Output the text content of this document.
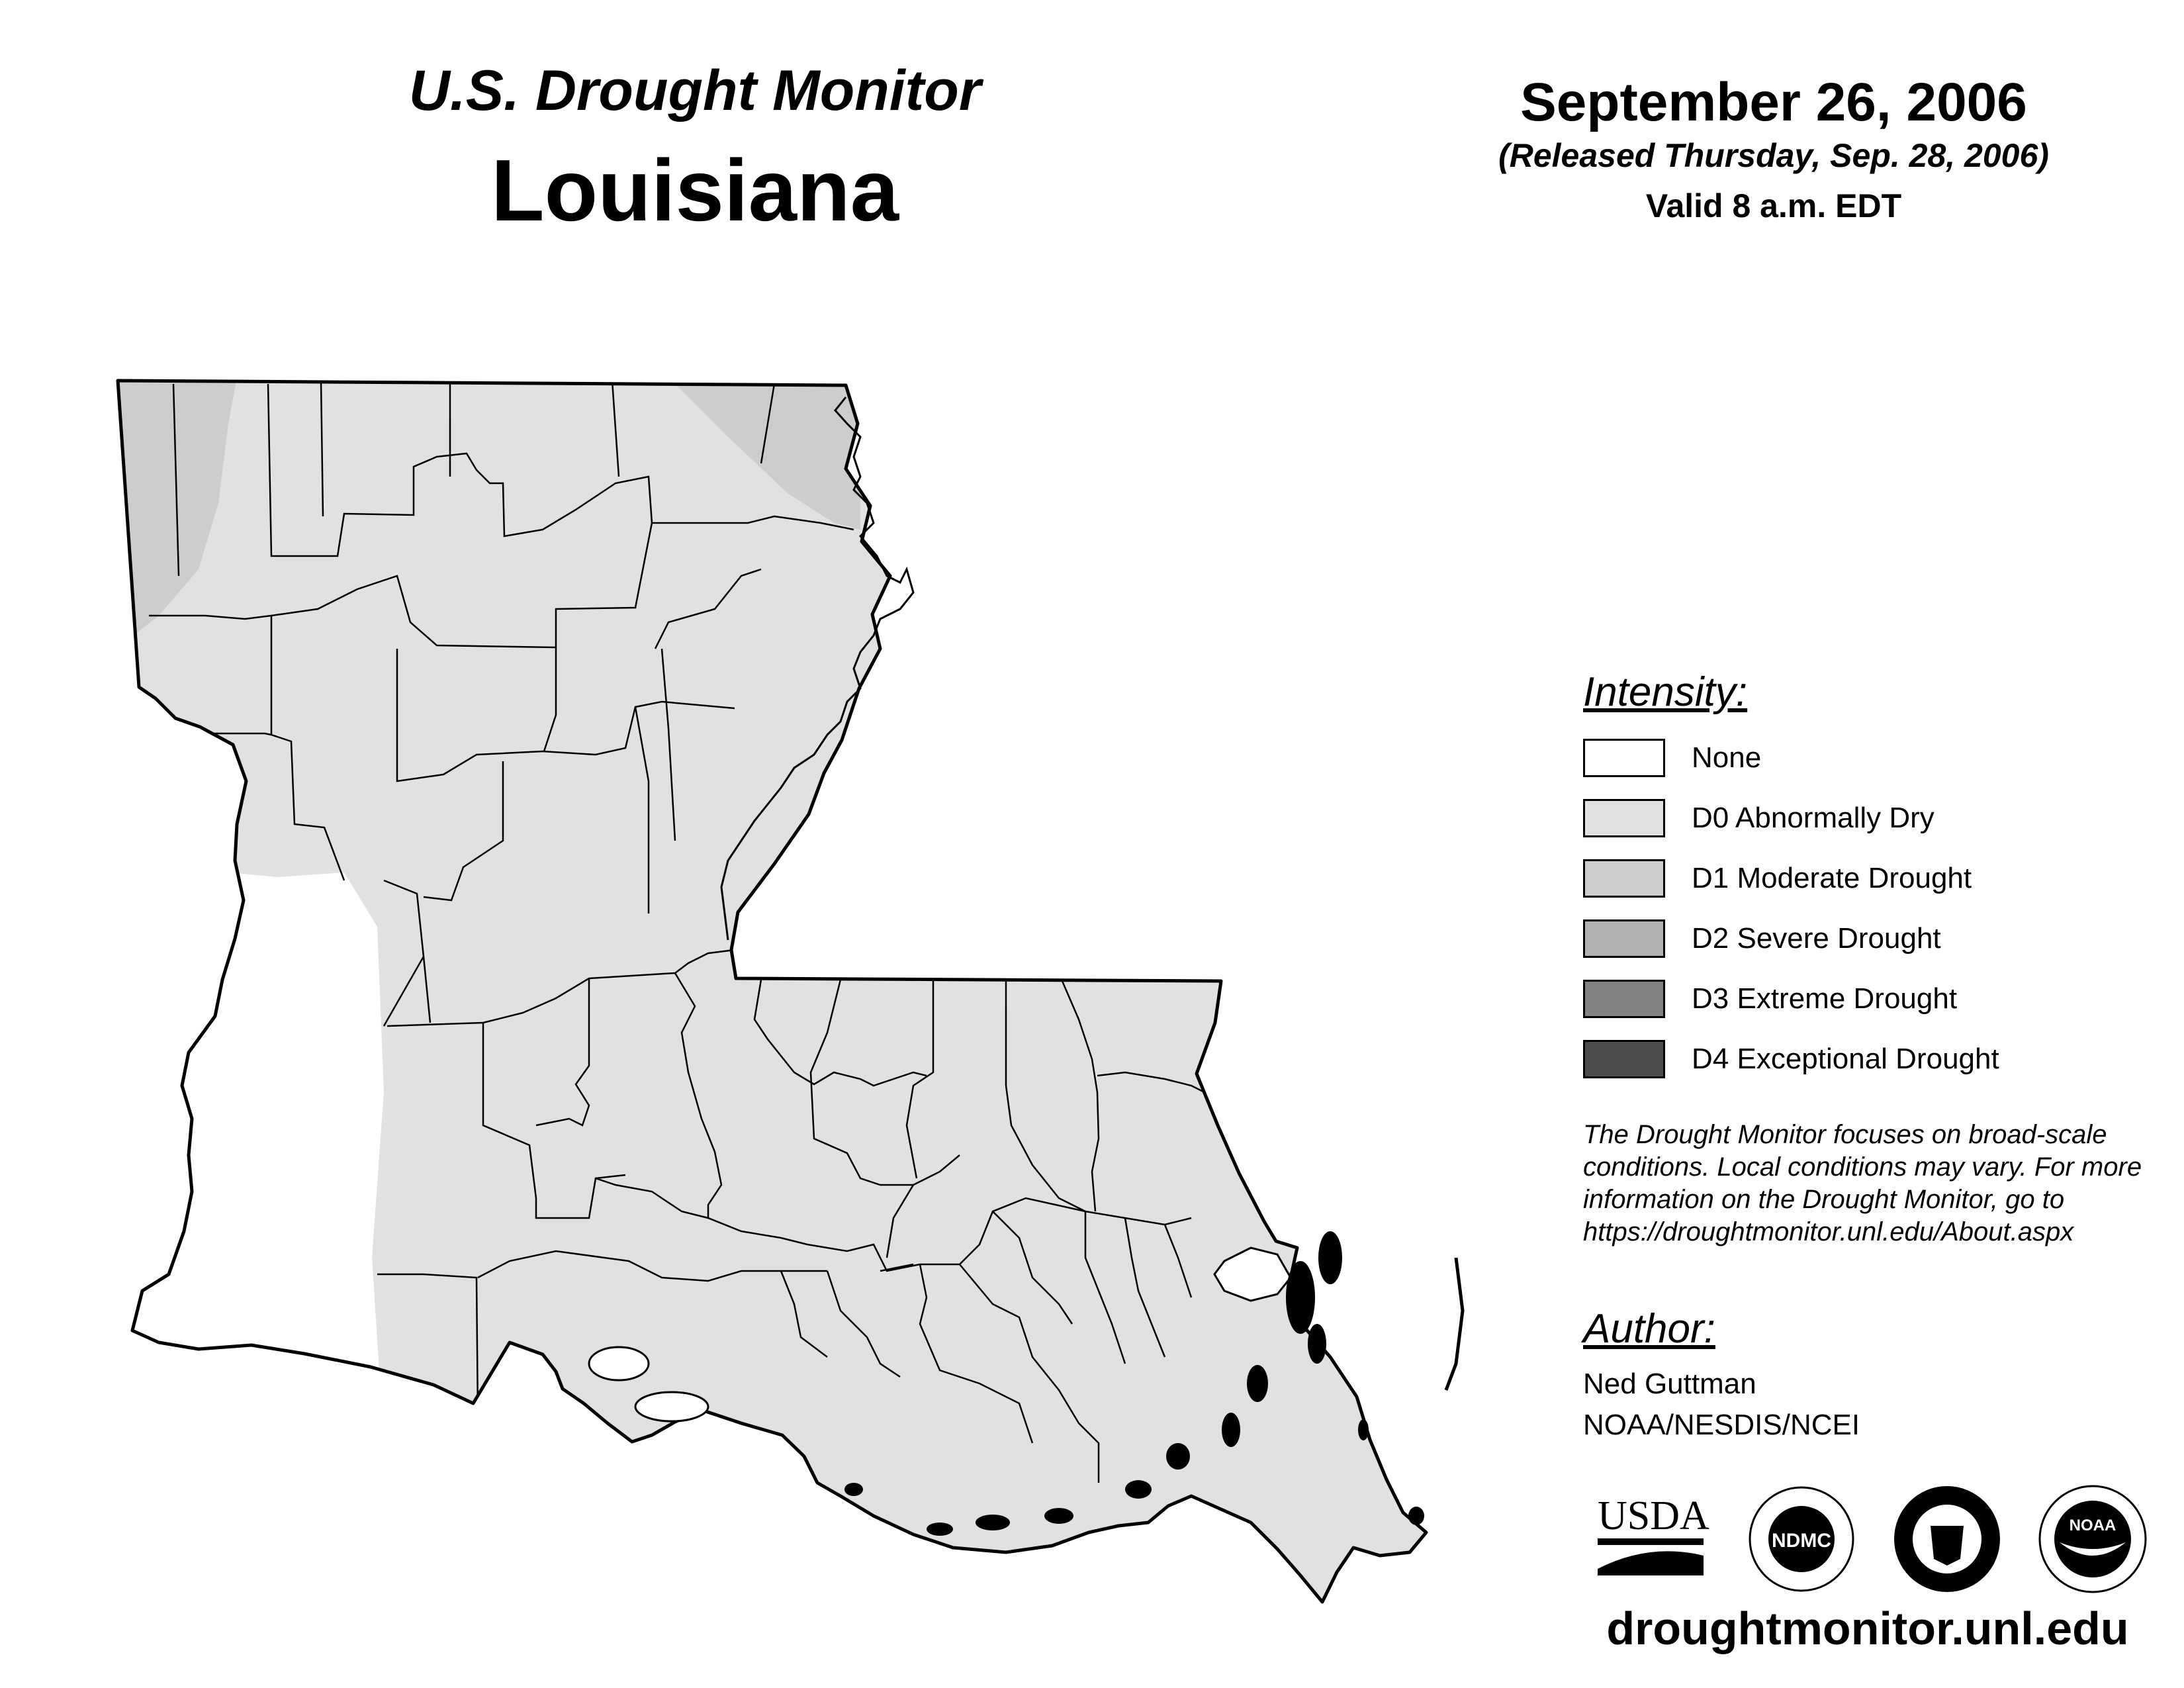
U.S. Drought Monitor
Louisiana
September 26, 2006
(Released Thursday, Sep. 28, 2006)
Valid 8 a.m. EDT
Intensity:
None
D0 Abnormally Dry
D1 Moderate Drought
D2 Severe Drought
D3 Extreme Drought
D4 Exceptional Drought
The Drought Monitor focuses on broad-scale conditions. Local conditions may vary. For more information on the Drought Monitor, go to https://droughtmonitor.unl.edu/About.aspx
Author:
Ned Guttman
NOAA/NESDIS/NCEI
USDA
NDMC
NOAA
droughtmonitor.unl.edu
